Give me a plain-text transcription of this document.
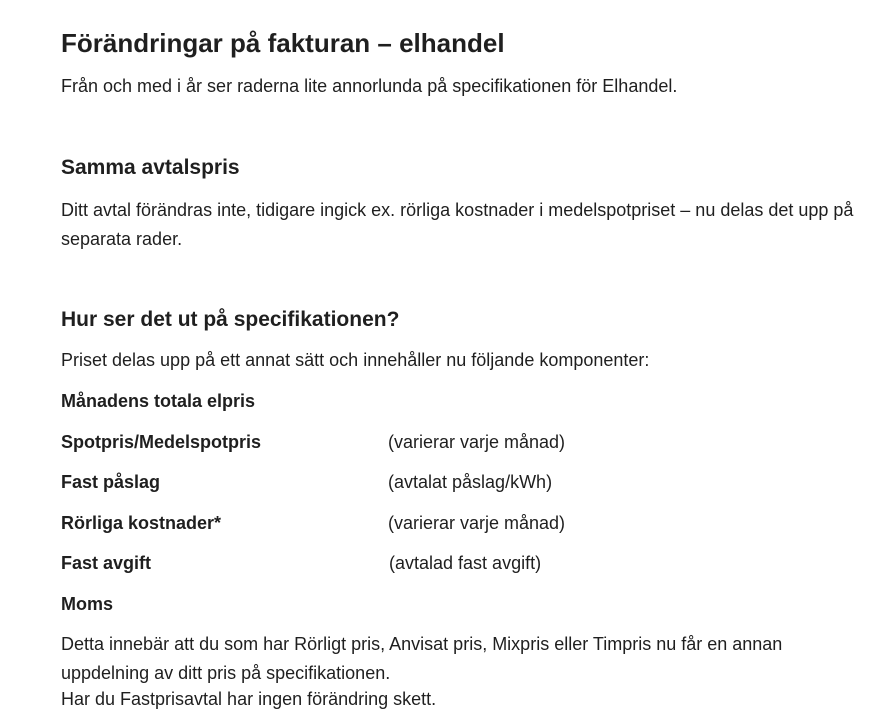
Förändringar på fakturan – elhandel

Från och med i år ser raderna lite annorlunda på specifikationen för Elhandel.

Samma avtalspris

Ditt avtal förändras inte, tidigare ingick ex. rörliga kostnader i medelspotpriset – nu delas det upp på separata rader.

Hur ser det ut på specifikationen?

Priset delas upp på ett annat sätt och innehåller nu följande komponenter:

Månadens totala elpris
Spotpris/Medelspotpris	(varierar varje månad)
Fast påslag	(avtalat påslag/kWh)
Rörliga kostnader*	(varierar varje månad)
Fast avgift	(avtalad fast avgift)
Moms

Detta innebär att du som har Rörligt pris, Anvisat pris, Mixpris eller Timpris nu får en annan uppdelning av ditt pris på specifikationen.

Har du Fastprisavtal har ingen förändring skett.
